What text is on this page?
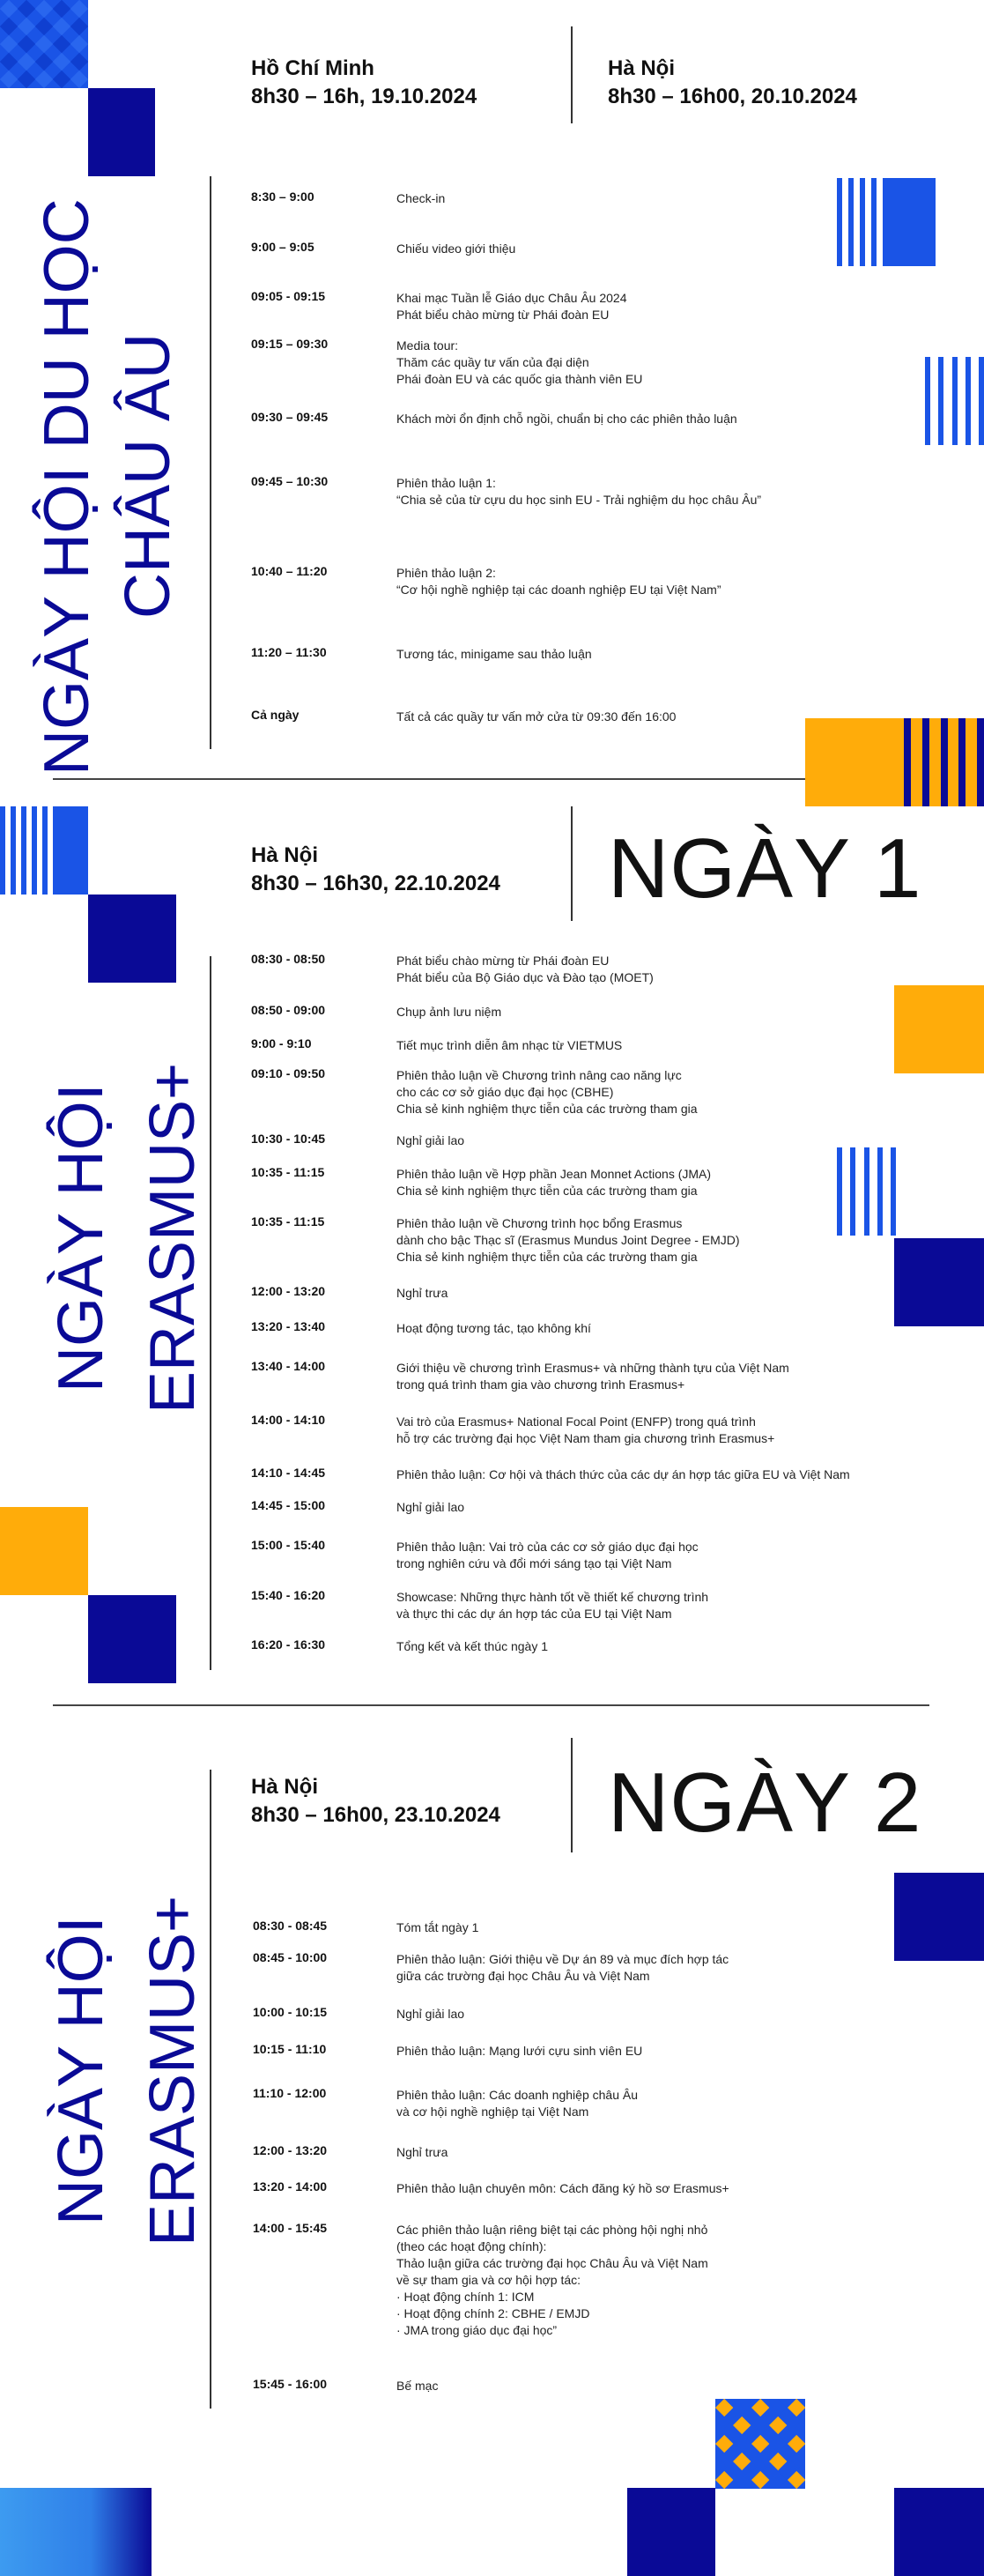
NGÀY HỘI DU HỌC CHÂU ÂU
Hồ Chí Minh
8h30 – 16h, 19.10.2024
Hà Nội
8h30 – 16h00, 20.10.2024
8:30 – 9:00	Check-in
9:00 – 9:05	Chiếu video giới thiệu
09:05 - 09:15	Khai mạc Tuần lễ Giáo dục Châu Âu 2024
Phát biểu chào mừng từ Phái đoàn EU
09:15 – 09:30	Media tour:
Thăm các quầy tư vấn của đại diện
Phái đoàn EU và các quốc gia thành viên EU
09:30 – 09:45	Khách mời ổn định chỗ ngồi, chuẩn bị cho các phiên thảo luận
09:45 – 10:30	Phiên thảo luận 1:
“Chia sẻ của từ cựu du học sinh EU - Trải nghiệm du học châu Âu”
10:40 – 11:20	Phiên thảo luận 2:
“Cơ hội nghề nghiệp tại các doanh nghiệp EU tại Việt Nam”
11:20 – 11:30	Tương tác, minigame sau thảo luận
Cả ngày	Tất cả các quầy tư vấn mở cửa từ 09:30 đến 16:00
NGÀY HỘI ERASMUS+
Hà Nội
8h30 – 16h30, 22.10.2024 NGÀY 1
08:30 - 08:50	Phát biểu chào mừng từ Phái đoàn EU
Phát biểu của Bộ Giáo dục và Đào tạo (MOET)
08:50 - 09:00	Chụp ảnh lưu niệm
9:00 - 9:10	Tiết mục trình diễn âm nhạc từ VIETMUS
09:10 - 09:50	Phiên thảo luận về Chương trình nâng cao năng lực
cho các cơ sở giáo dục đại học (CBHE)
Chia sẻ kinh nghiệm thực tiễn của các trường tham gia
10:30 - 10:45	Nghỉ giải lao
10:35 - 11:15	Phiên thảo luận về Hợp phần Jean Monnet Actions (JMA)
Chia sẻ kinh nghiệm thực tiễn của các trường tham gia
10:35 - 11:15	Phiên thảo luận về Chương trình học bổng Erasmus
dành cho bậc Thạc sĩ (Erasmus Mundus Joint Degree - EMJD)
Chia sẻ kinh nghiệm thực tiễn của các trường tham gia
12:00 - 13:20	Nghỉ trưa
13:20 - 13:40	Hoạt động tương tác, tạo không khí
13:40 - 14:00	Giới thiệu về chương trình Erasmus+ và những thành tựu của Việt Nam
trong quá trình tham gia vào chương trình Erasmus+
14:00 - 14:10	Vai trò của Erasmus+ National Focal Point (ENFP) trong quá trình
hỗ trợ các trường đại học Việt Nam tham gia chương trình Erasmus+
14:10 - 14:45	Phiên thảo luận: Cơ hội và thách thức của các dự án hợp tác giữa EU và Việt Nam
14:45 - 15:00	Nghỉ giải lao
15:00 - 15:40	Phiên thảo luận: Vai trò của các cơ sở giáo dục đại học
trong nghiên cứu và đổi mới sáng tạo tại Việt Nam
15:40 - 16:20	Showcase: Những thực hành tốt về thiết kế chương trình
và thực thi các dự án hợp tác của EU tại Việt Nam
16:20 - 16:30	Tổng kết và kết thúc ngày 1
NGÀY HỘI ERASMUS+
Hà Nội
8h30 – 16h00, 23.10.2024 NGÀY 2
08:30 - 08:45	Tóm tắt ngày 1
08:45 - 10:00	Phiên thảo luận: Giới thiệu về Dự án 89 và mục đích hợp tác
giữa các trường đại học Châu Âu và Việt Nam
10:00 - 10:15	Nghỉ giải lao
10:15 - 11:10	Phiên thảo luận: Mạng lưới cựu sinh viên EU
11:10 - 12:00	Phiên thảo luận: Các doanh nghiệp châu Âu
và cơ hội nghề nghiệp tại Việt Nam
12:00 - 13:20	Nghỉ trưa
13:20 - 14:00	Phiên thảo luận chuyên môn: Cách đăng ký hồ sơ Erasmus+
14:00 - 15:45	Các phiên thảo luận riêng biệt tại các phòng hội nghị nhỏ
(theo các hoạt động chính):
Thảo luận giữa các trường đại học Châu Âu và Việt Nam
về sự tham gia và cơ hội hợp tác:
· Hoạt động chính 1: ICM
· Hoạt động chính 2: CBHE / EMJD
· JMA trong giáo dục đại học”
15:45 - 16:00	Bế mạc
